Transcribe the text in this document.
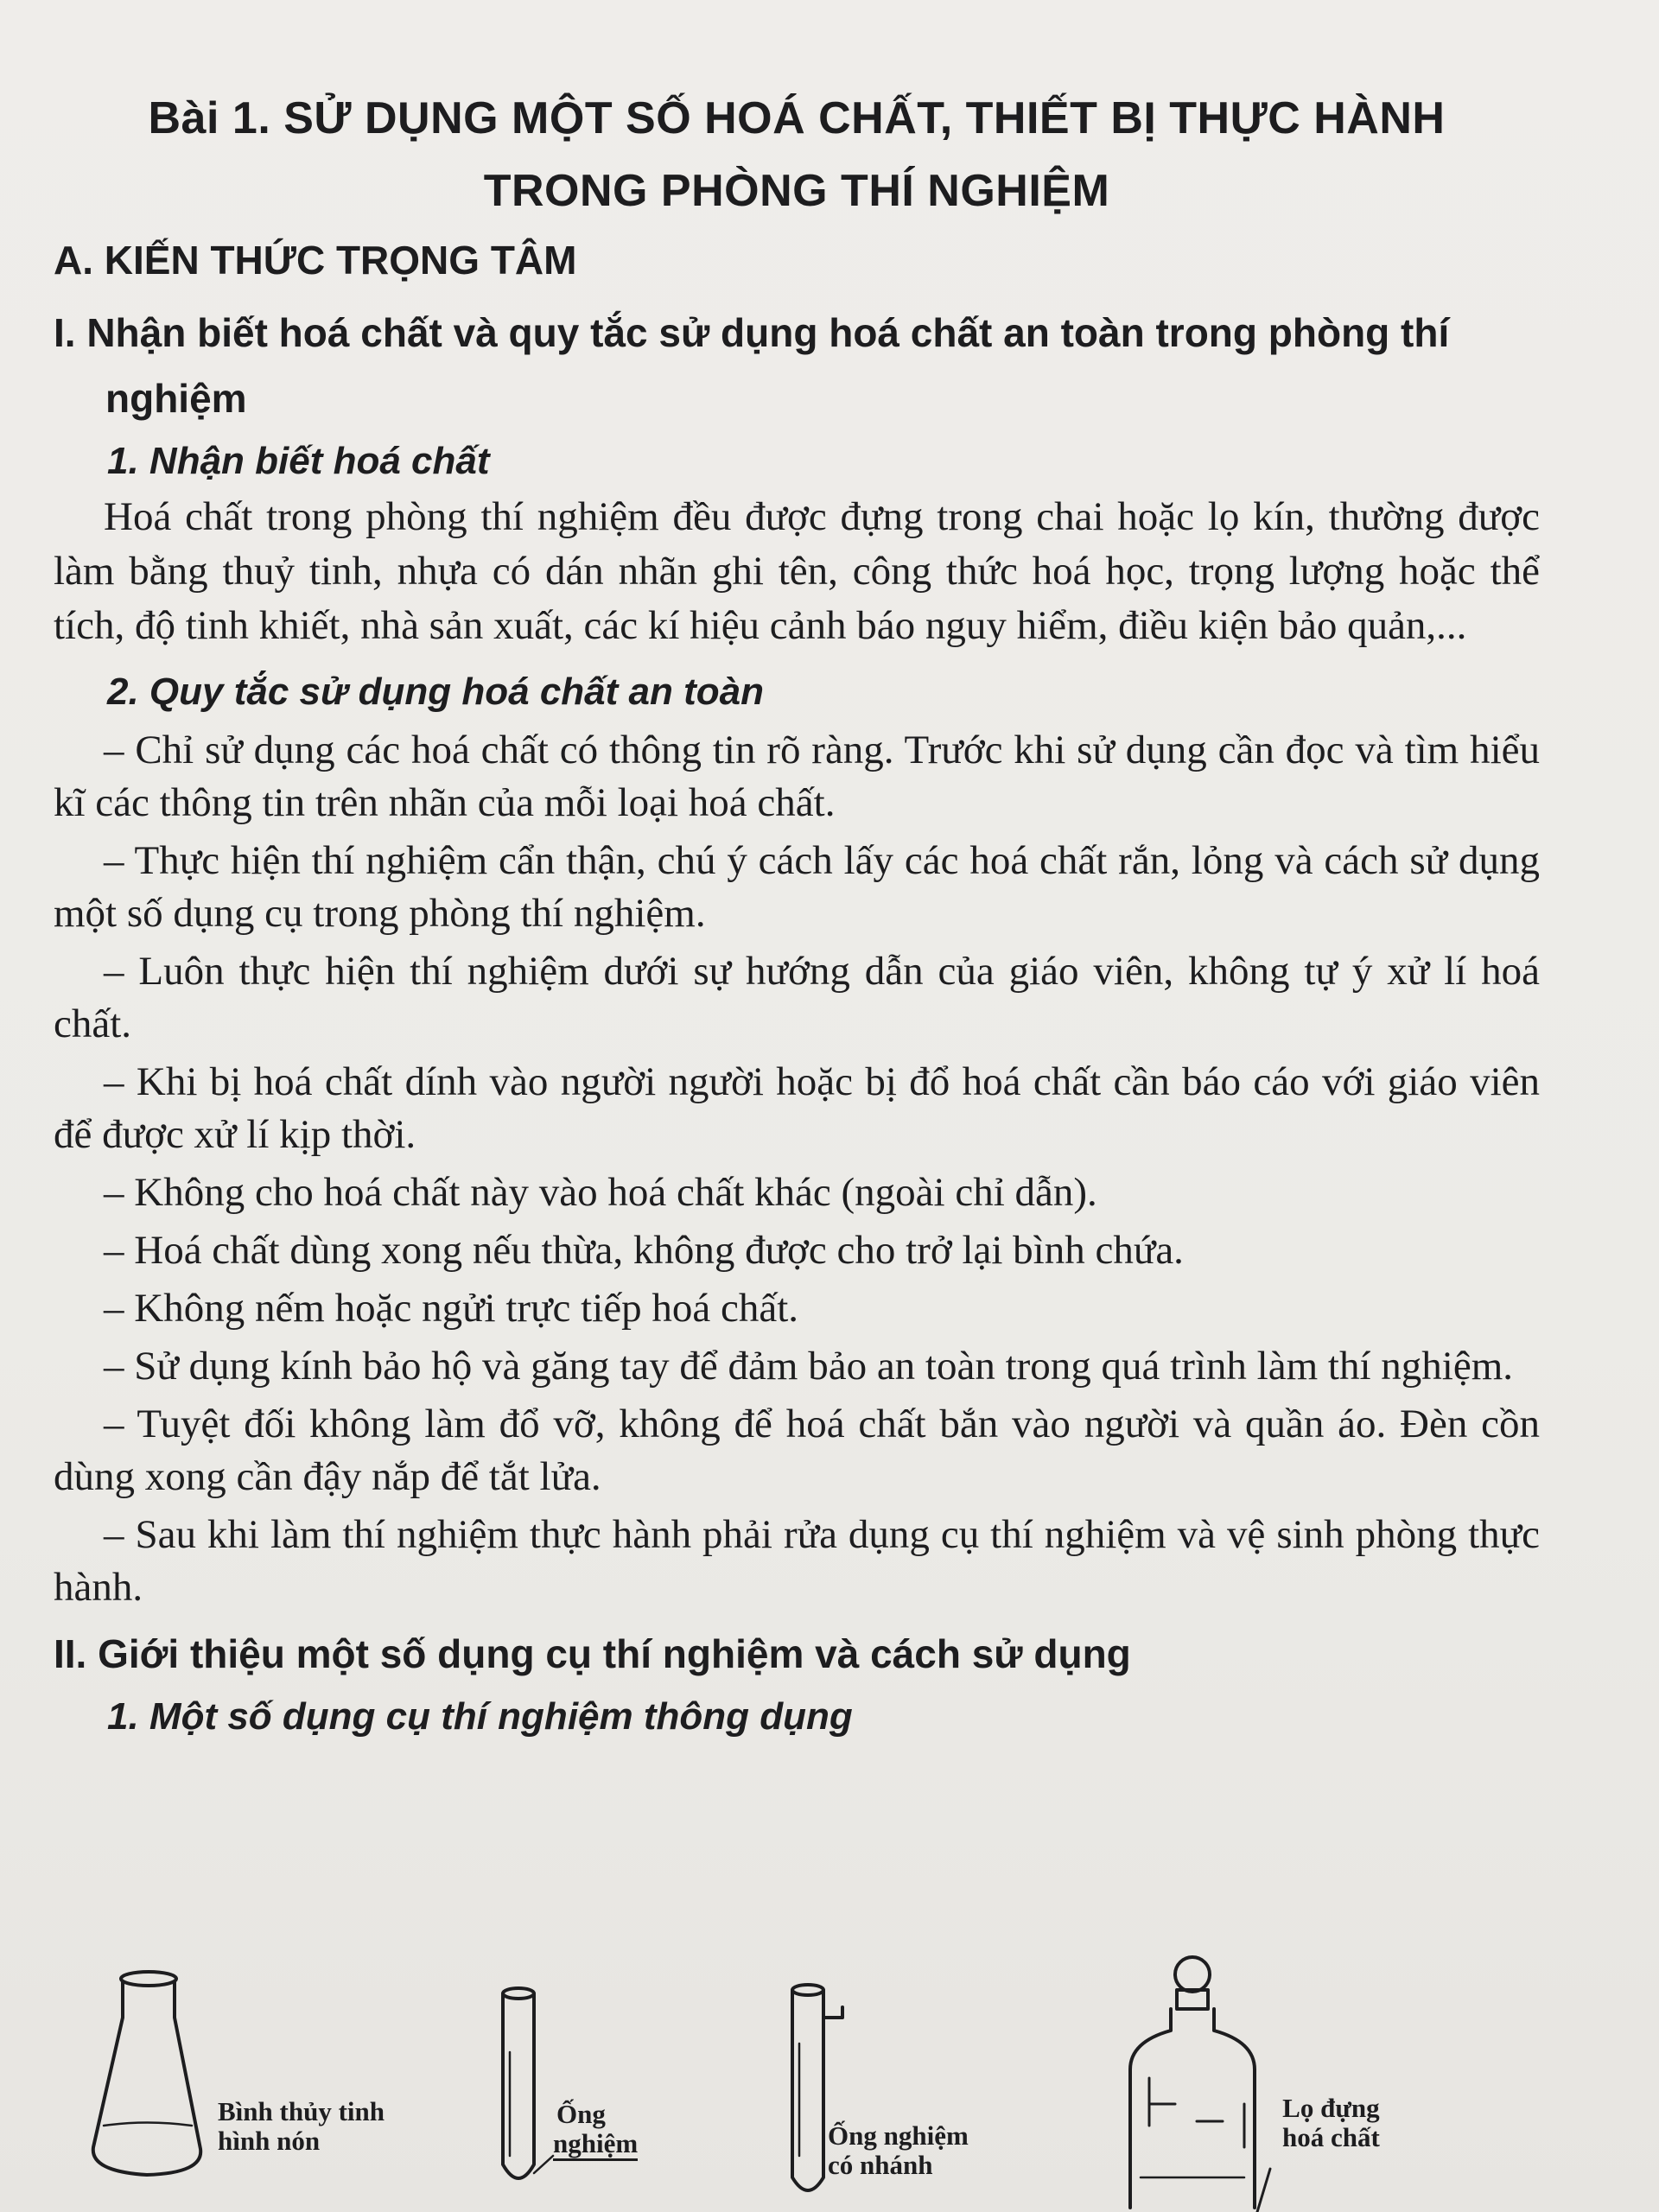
Bài 1. SỬ DỤNG MỘT SỐ HOÁ CHẤT, THIẾT BỊ THỰC HÀNH
TRONG PHÒNG THÍ NGHIỆM
A. KIẾN THỨC TRỌNG TÂM
I. Nhận biết hoá chất và quy tắc sử dụng hoá chất an toàn trong phòng thí nghiệm
1. Nhận biết hoá chất

Hoá chất trong phòng thí nghiệm đều được đựng trong chai hoặc lọ kín, thường được làm bằng thuỷ tinh, nhựa có dán nhãn ghi tên, công thức hoá học, trọng lượng hoặc thể tích, độ tinh khiết, nhà sản xuất, các kí hiệu cảnh báo nguy hiểm, điều kiện bảo quản,...

2. Quy tắc sử dụng hoá chất an toàn

– Chỉ sử dụng các hoá chất có thông tin rõ ràng. Trước khi sử dụng cần đọc và tìm hiểu kĩ các thông tin trên nhãn của mỗi loại hoá chất.

– Thực hiện thí nghiệm cẩn thận, chú ý cách lấy các hoá chất rắn, lỏng và cách sử dụng một số dụng cụ trong phòng thí nghiệm.

– Luôn thực hiện thí nghiệm dưới sự hướng dẫn của giáo viên, không tự ý xử lí hoá chất.

– Khi bị hoá chất dính vào người người hoặc bị đổ hoá chất cần báo cáo với giáo viên để được xử lí kịp thời.

– Không cho hoá chất này vào hoá chất khác (ngoài chỉ dẫn).

– Hoá chất dùng xong nếu thừa, không được cho trở lại bình chứa.

– Không nếm hoặc ngửi trực tiếp hoá chất.

– Sử dụng kính bảo hộ và găng tay để đảm bảo an toàn trong quá trình làm thí nghiệm.

– Tuyệt đối không làm đổ vỡ, không để hoá chất bắn vào người và quần áo. Đèn cồn dùng xong cần đậy nắp để tắt lửa.

– Sau khi làm thí nghiệm thực hành phải rửa dụng cụ thí nghiệm và vệ sinh phòng thực hành.

II. Giới thiệu một số dụng cụ thí nghiệm và cách sử dụng
1. Một số dụng cụ thí nghiệm thông dụng
Bình thủy tinh
hình nón
Ống
nghiệm	Ống nghiệm
có nhánh
Lọ đựng
hoá chất
